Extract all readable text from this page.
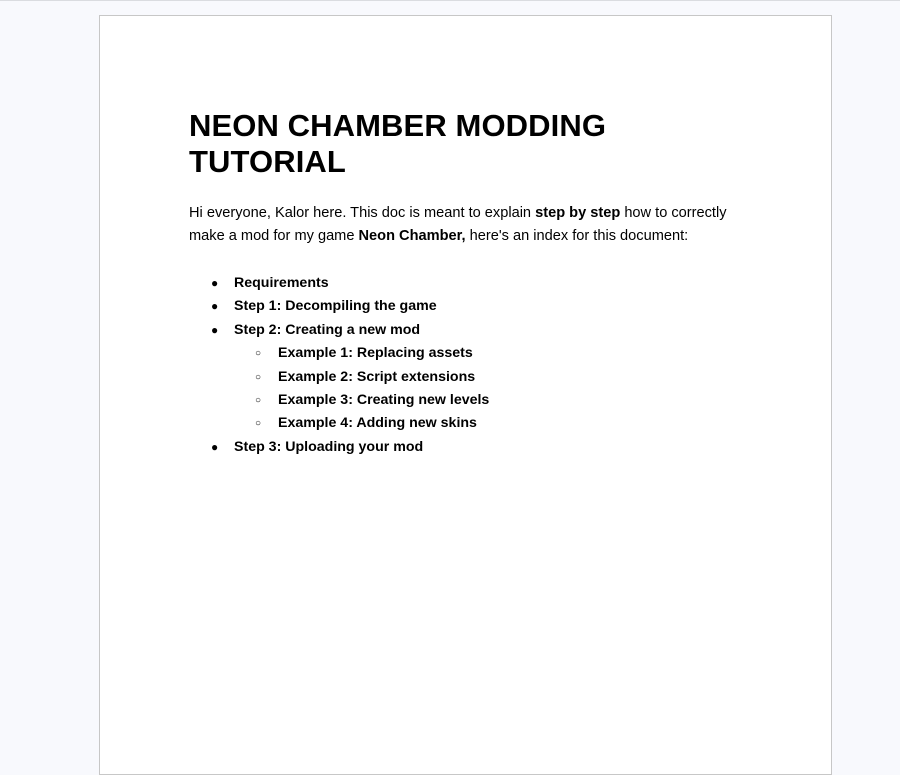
NEON CHAMBER MODDING TUTORIAL

Hi everyone, Kalor here. This doc is meant to explain step by step how to correctly make a mod for my game Neon Chamber, here's an index for this document:

● Requirements
● Step 1: Decompiling the game
● Step 2: Creating a new mod
○ Example 1: Replacing assets
○ Example 2: Script extensions
○ Example 3: Creating new levels
○ Example 4: Adding new skins
● Step 3: Uploading your mod
